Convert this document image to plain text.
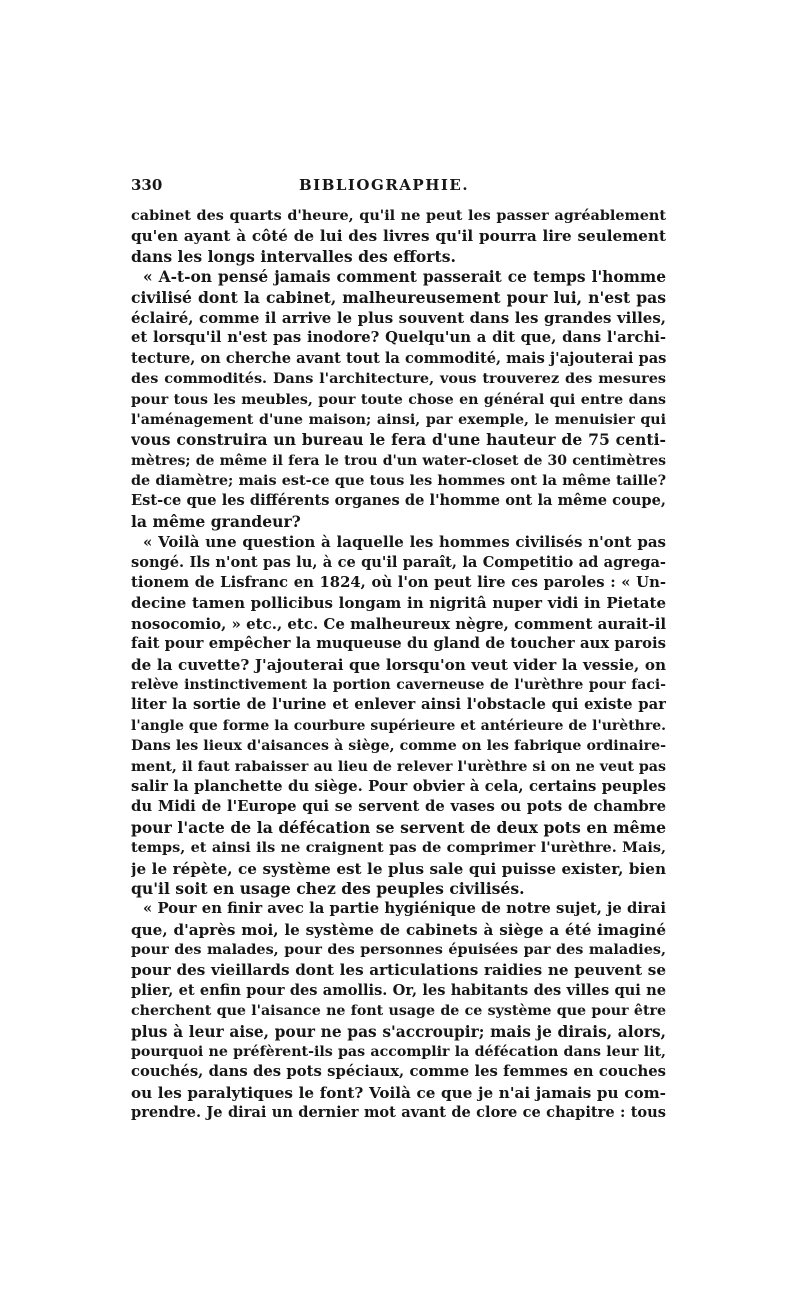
330	BIBLIOGRAPHIE.
cabinet des quarts d'heure, qu'il ne peut les passer agréablement
qu'en ayant à côté de lui des livres qu'il pourra lire seulement
dans les longs intervalles des efforts.
« A-t-on pensé jamais comment passerait ce temps l'homme
civilisé dont la cabinet, malheureusement pour lui, n'est pas
éclairé, comme il arrive le plus souvent dans les grandes villes,
et lorsqu'il n'est pas inodore? Quelqu'un a dit que, dans l'archi-
tecture, on cherche avant tout la commodité, mais j'ajouterai pas
des commodités. Dans l'architecture, vous trouverez des mesures
pour tous les meubles, pour toute chose en général qui entre dans
l'aménagement d'une maison; ainsi, par exemple, le menuisier qui
vous construira un bureau le fera d'une hauteur de 75 centi-
mètres; de même il fera le trou d'un water-closet de 30 centimètres
de diamètre; mais est-ce que tous les hommes ont la même taille?
Est-ce que les différents organes de l'homme ont la même coupe,
la même grandeur?
« Voilà une question à laquelle les hommes civilisés n'ont pas
songé. Ils n'ont pas lu, à ce qu'il paraît, la Competitio ad agrega-
tionem de Lisfranc en 1824, où l'on peut lire ces paroles : « Un-
decine tamen pollicibus longam in nigritâ nuper vidi in Pietate
nosocomio, » etc., etc. Ce malheureux nègre, comment aurait-il
fait pour empêcher la muqueuse du gland de toucher aux parois
de la cuvette? J'ajouterai que lorsqu'on veut vider la vessie, on
relève instinctivement la portion caverneuse de l'urèthre pour faci-
liter la sortie de l'urine et enlever ainsi l'obstacle qui existe par
l'angle que forme la courbure supérieure et antérieure de l'urèthre.
Dans les lieux d'aisances à siège, comme on les fabrique ordinaire-
ment, il faut rabaisser au lieu de relever l'urèthre si on ne veut pas
salir la planchette du siège. Pour obvier à cela, certains peuples
du Midi de l'Europe qui se servent de vases ou pots de chambre
pour l'acte de la défécation se servent de deux pots en même
temps, et ainsi ils ne craignent pas de comprimer l'urèthre. Mais,
je le répète, ce système est le plus sale qui puisse exister, bien
qu'il soit en usage chez des peuples civilisés.
« Pour en finir avec la partie hygiénique de notre sujet, je dirai
que, d'après moi, le système de cabinets à siège a été imaginé
pour des malades, pour des personnes épuisées par des maladies,
pour des vieillards dont les articulations raidies ne peuvent se
plier, et enfin pour des amollis. Or, les habitants des villes qui ne
cherchent que l'aisance ne font usage de ce système que pour être
plus à leur aise, pour ne pas s'accroupir; mais je dirais, alors,
pourquoi ne préfèrent-ils pas accomplir la défécation dans leur lit,
couchés, dans des pots spéciaux, comme les femmes en couches
ou les paralytiques le font? Voilà ce que je n'ai jamais pu com-
prendre. Je dirai un dernier mot avant de clore ce chapitre : tous
